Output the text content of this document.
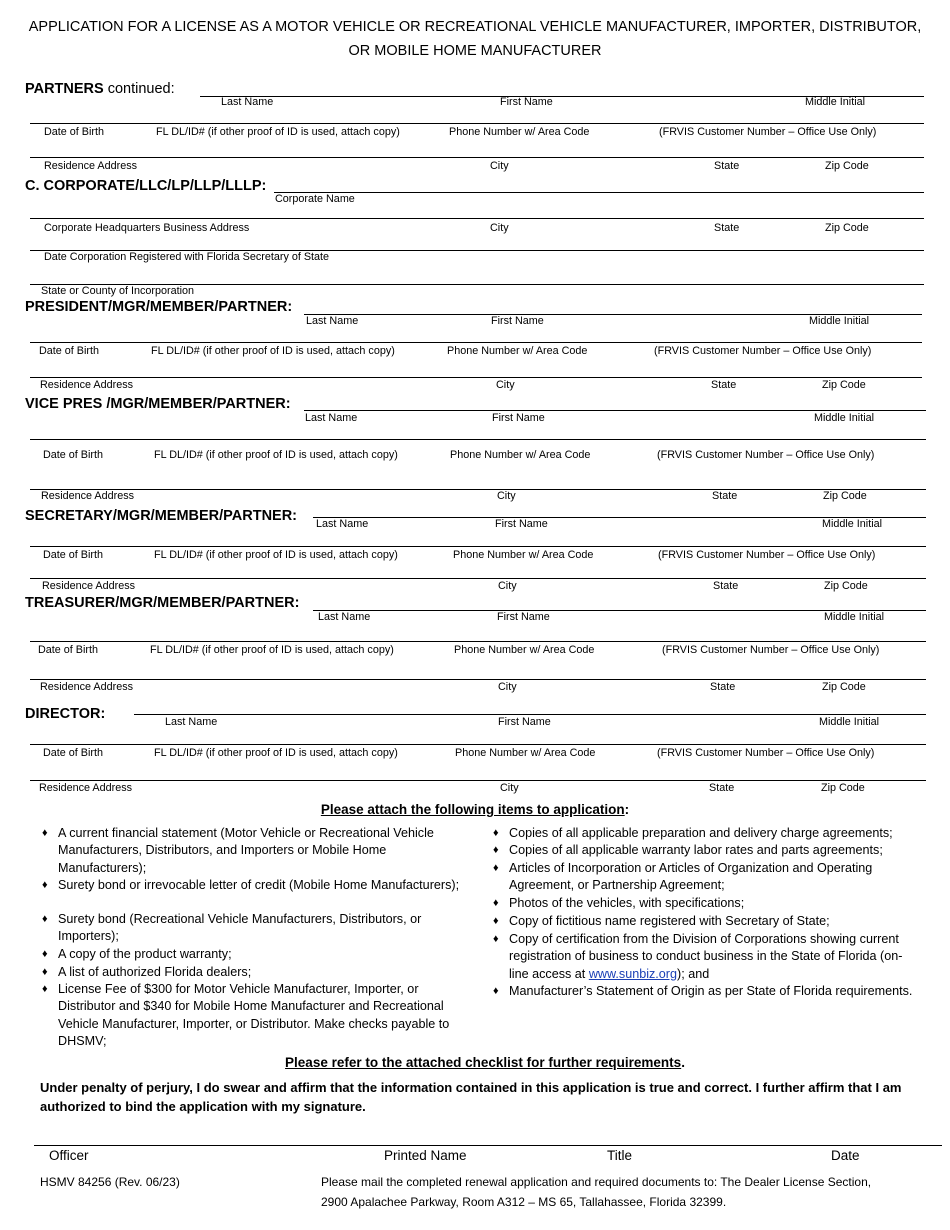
APPLICATION FOR A LICENSE AS A MOTOR VEHICLE OR RECREATIONAL VEHICLE MANUFACTURER, IMPORTER, DISTRIBUTOR,
OR MOBILE HOME MANUFACTURER
PARTNERS continued:
Last Name	First Name	Middle Initial
Date of Birth	FL DL/ID# (if other proof of ID is used, attach copy)	Phone Number w/ Area Code	(FRVIS Customer Number – Office Use Only)
Residence Address	City	State	Zip Code
C. CORPORATE/LLC/LP/LLP/LLLP:
Corporate Name
Corporate Headquarters Business Address	City	State	Zip Code
Date Corporation Registered with Florida Secretary of State
State or County of Incorporation
PRESIDENT/MGR/MEMBER/PARTNER:
Last Name	First Name	Middle Initial
Date of Birth	FL DL/ID# (if other proof of ID is used, attach copy)	Phone Number w/ Area Code	(FRVIS Customer Number – Office Use Only)
Residence Address	City	State	Zip Code
VICE PRES /MGR/MEMBER/PARTNER:
Last Name	First Name	Middle Initial
Date of Birth	FL DL/ID# (if other proof of ID is used, attach copy)	Phone Number w/ Area Code	(FRVIS Customer Number – Office Use Only)
Residence Address	City	State	Zip Code
SECRETARY/MGR/MEMBER/PARTNER: Last Name	First Name	Middle Initial
Date of Birth	FL DL/ID# (if other proof of ID is used, attach copy)	Phone Number w/ Area Code	(FRVIS Customer Number – Office Use Only)
Residence Address	City	State	Zip Code
TREASURER/MGR/MEMBER/PARTNER:
Last Name	First Name	Middle Initial
Date of Birth	FL DL/ID# (if other proof of ID is used, attach copy)	Phone Number w/ Area Code	(FRVIS Customer Number – Office Use Only)
Residence Address	City	State	Zip Code
DIRECTOR:	Last Name	First Name	Middle Initial
Date of Birth	FL DL/ID# (if other proof of ID is used, attach copy)	Phone Number w/ Area Code	(FRVIS Customer Number – Office Use Only)
Residence Address	City	State	Zip Code
Please attach the following items to application:
♦ A current financial statement (Motor Vehicle or Recreational Vehicle Manufacturers, Distributors, and Importers or Mobile Home Manufacturers);
♦ Surety bond or irrevocable letter of credit (Mobile Home Manufacturers);
♦ Surety bond (Recreational Vehicle Manufacturers, Distributors, or Importers);
♦ A copy of the product warranty;
♦ A list of authorized Florida dealers;
♦ License Fee of $300 for Motor Vehicle Manufacturer, Importer, or Distributor and $340 for Mobile Home Manufacturer and Recreational Vehicle Manufacturer, Importer, or Distributor. Make checks payable to DHSMV;
♦ Copies of all applicable preparation and delivery charge agreements;
♦ Copies of all applicable warranty labor rates and parts agreements;
♦ Articles of Incorporation or Articles of Organization and Operating Agreement, or Partnership Agreement;
♦ Photos of the vehicles, with specifications;
♦ Copy of fictitious name registered with Secretary of State;
♦ Copy of certification from the Division of Corporations showing current registration of business to conduct business in the State of Florida (on-line access at www.sunbiz.org); and
♦ Manufacturer’s Statement of Origin as per State of Florida requirements.
Please refer to the attached checklist for further requirements.
Under penalty of perjury, I do swear and affirm that the information contained in this application is true and correct. I further affirm that I am authorized to bind the application with my signature.
Officer	Printed Name	Title	Date
HSMV 84256 (Rev. 06/23)	Please mail the completed renewal application and required documents to: The Dealer License Section, 2900 Apalachee Parkway, Room A312 – MS 65, Tallahassee, Florida 32399.
